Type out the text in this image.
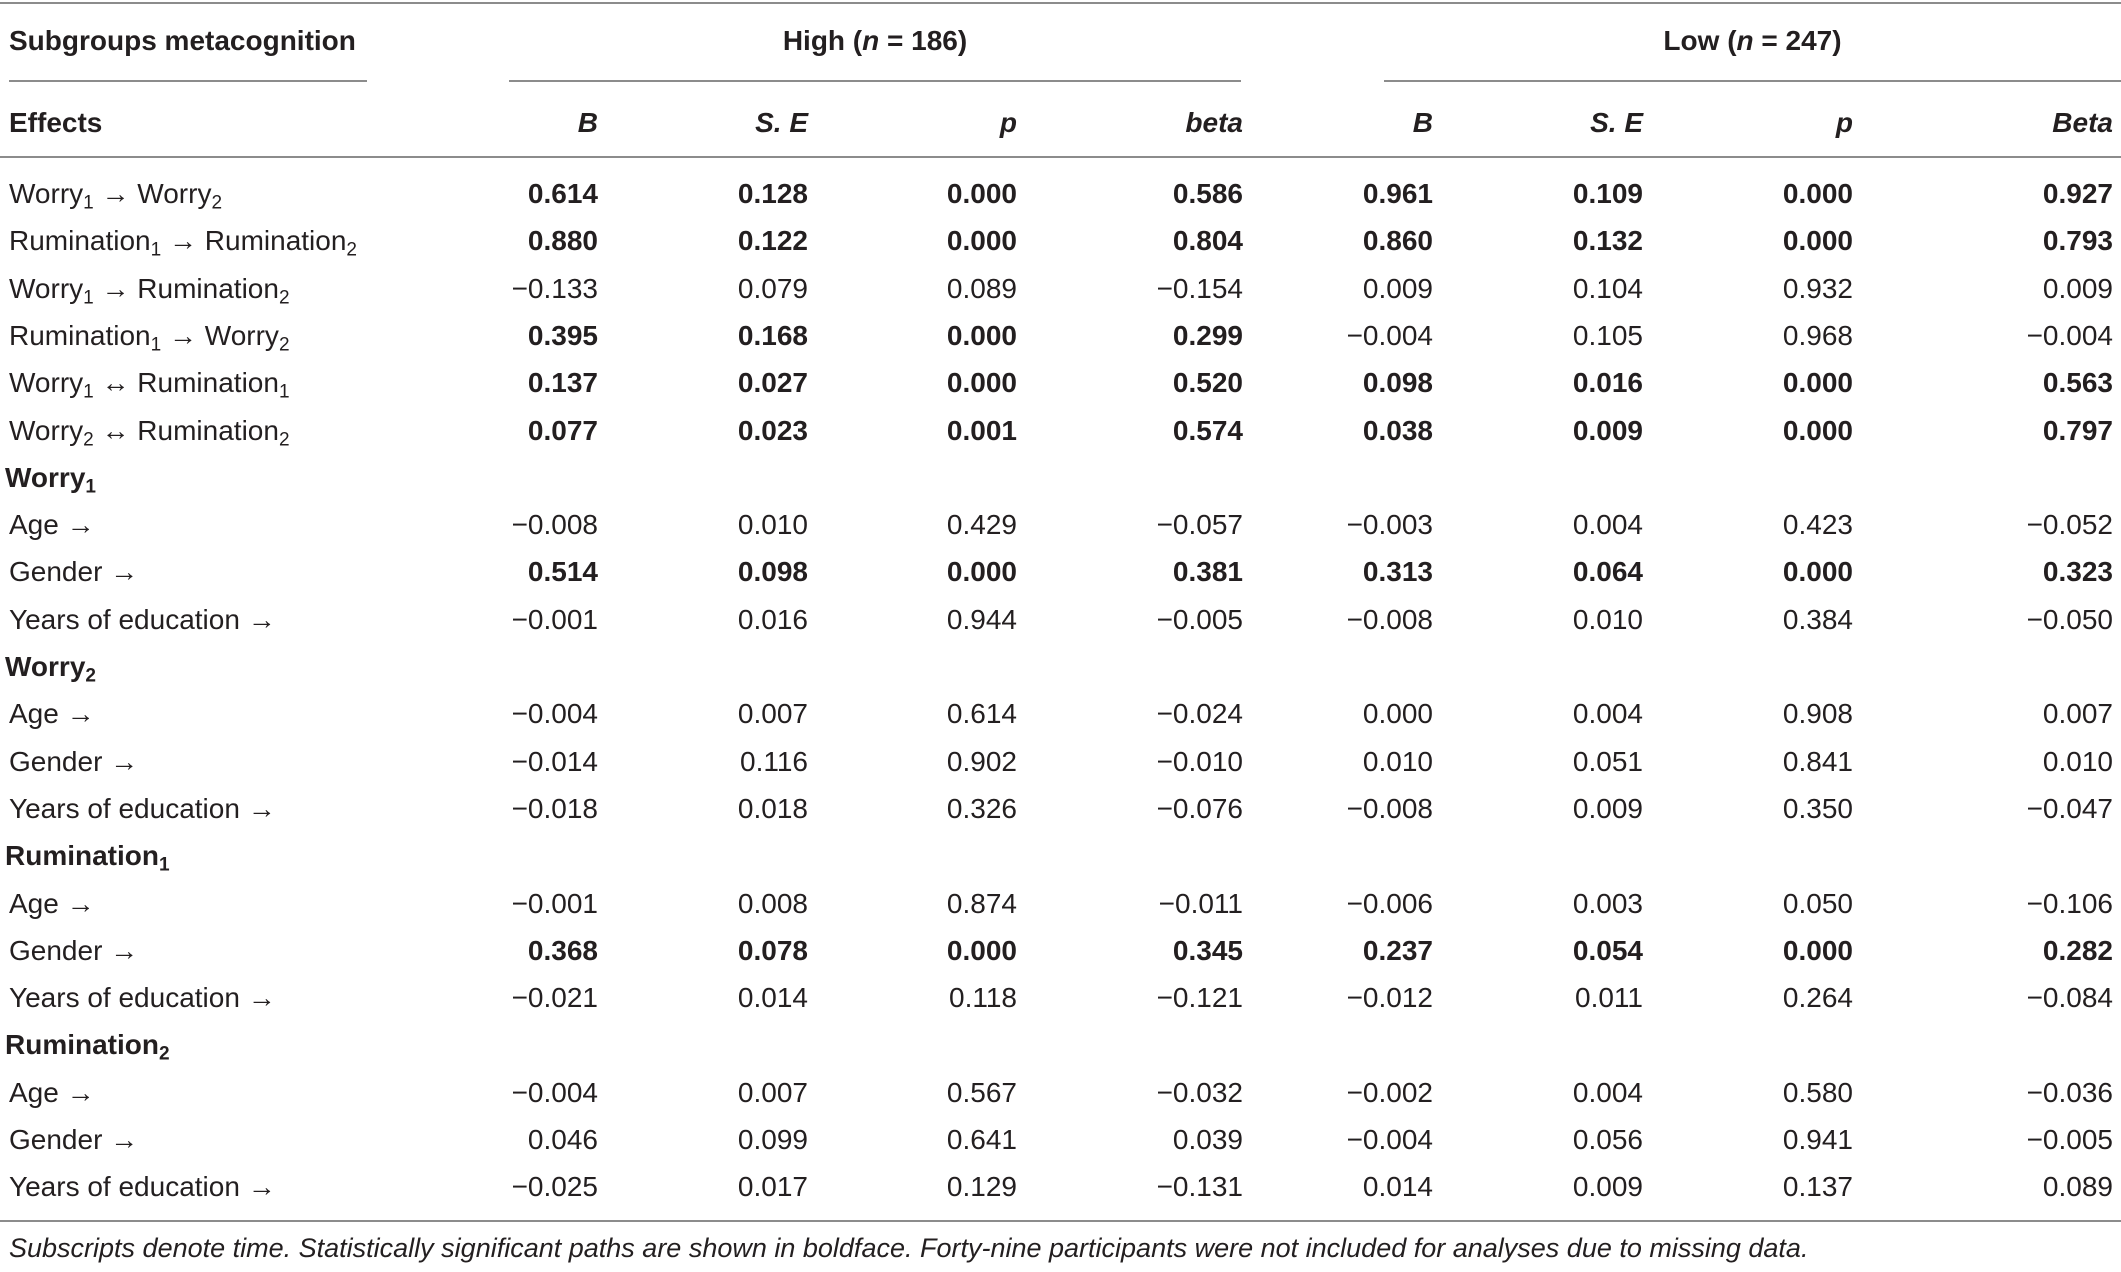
Subgroups metacognition	High (n = 186)	Low (n = 247)
Effects	B	S. E	p	beta	B	S. E	p	Beta
Worry$_1$ → Worry$_2$	0.614	0.128	0.000	0.586	0.961	0.109	0.000	0.927
Rumination$_1$ → Rumination$_2$	0.880	0.122	0.000	0.804	0.860	0.132	0.000	0.793
Worry$_1$ → Rumination$_2$	−0.133	0.079	0.089	−0.154	0.009	0.104	0.932	0.009
Rumination$_1$ → Worry$_2$	0.395	0.168	0.000	0.299	−0.004	0.105	0.968	−0.004
Worry$_1$ ↔ Rumination$_1$	0.137	0.027	0.000	0.520	0.098	0.016	0.000	0.563
Worry$_2$ ↔ Rumination$_2$	0.077	0.023	0.001	0.574	0.038	0.009	0.000	0.797
Worry$_1$
Age →	−0.008	0.010	0.429	−0.057	−0.003	0.004	0.423	−0.052
Gender →	0.514	0.098	0.000	0.381	0.313	0.064	0.000	0.323
Years of education →	−0.001	0.016	0.944	−0.005	−0.008	0.010	0.384	−0.050
Worry$_2$
Age →	−0.004	0.007	0.614	−0.024	0.000	0.004	0.908	0.007
Gender →	−0.014	0.116	0.902	−0.010	0.010	0.051	0.841	0.010
Years of education →	−0.018	0.018	0.326	−0.076	−0.008	0.009	0.350	−0.047
Rumination$_1$
Age →	−0.001	0.008	0.874	−0.011	−0.006	0.003	0.050	−0.106
Gender →	0.368	0.078	0.000	0.345	0.237	0.054	0.000	0.282
Years of education →	−0.021	0.014	0.118	−0.121	−0.012	0.011	0.264	−0.084
Rumination$_2$
Age →	−0.004	0.007	0.567	−0.032	−0.002	0.004	0.580	−0.036
Gender →	0.046	0.099	0.641	0.039	−0.004	0.056	0.941	−0.005
Years of education →	−0.025	0.017	0.129	−0.131	0.014	0.009	0.137	0.089
Subscripts denote time. Statistically significant paths are shown in boldface. Forty-nine participants were not included for analyses due to missing data.
